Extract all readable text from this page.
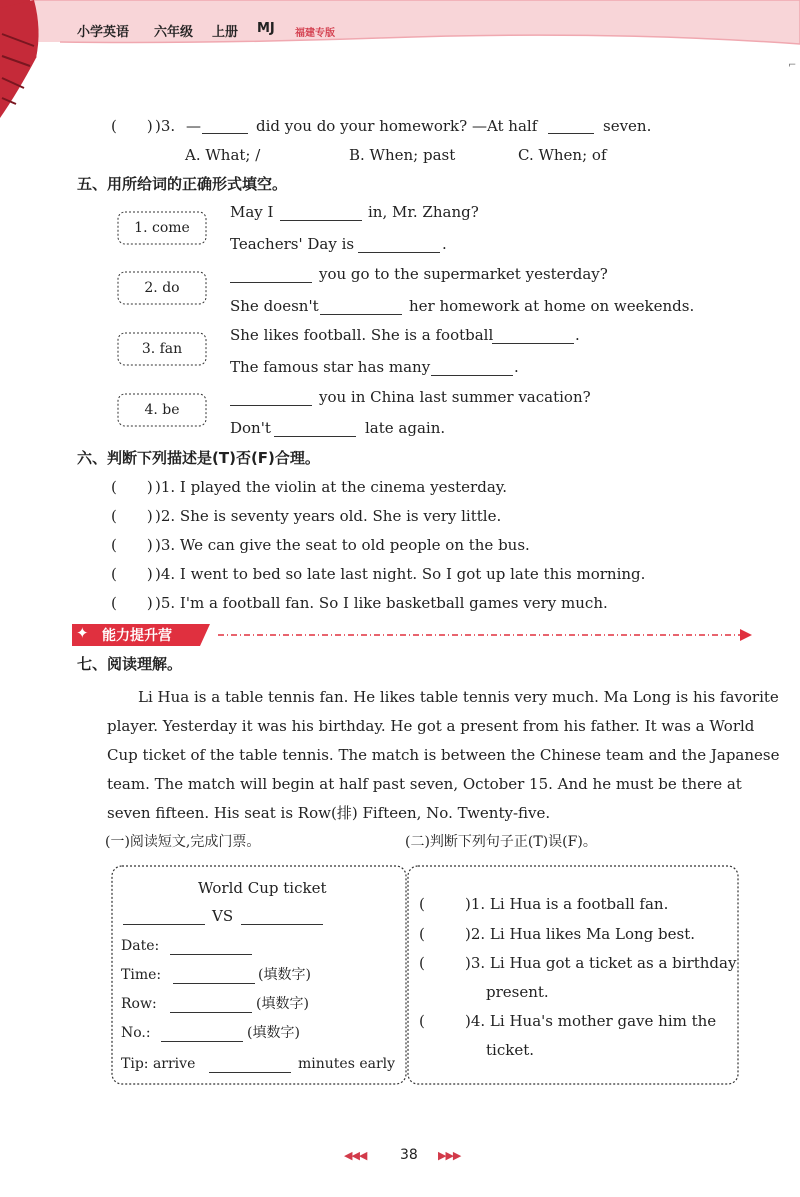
小学英语 六年级 上册 MJ 福建专版
⌐
(　　) )3. —	did you do your homework? —At half	seven.
A. What; /	B. When; past	C. When; of
五、用所给词的正确形式填空。
1. come
May I	in, Mr. Zhang?
Teachers' Day is	.
2. do
you go to the supermarket yesterday?
She doesn't	her homework at home on weekends.
3. fan
She likes football. She is a football	.
The famous star has many	.
4. be
you in China last summer vacation?
Don't	late again.
六、判断下列描述是(T)否(F)合理。
(　　) )1. I played the violin at the cinema yesterday.
(　　) )2. She is seventy years old. She is very little.
(　　) )3. We can give the seat to old people on the bus.
(　　) )4. I went to bed so late last night. So I got up late this morning.
(　　) )5. I'm a football fan. So I like basketball games very much.
✦ 能力提升营
七、阅读理解。
Li Hua is a table tennis fan. He likes table tennis very much. Ma Long is his favorite
player. Yesterday it was his birthday. He got a present from his father. It was a World
Cup ticket of the table tennis. The match is between the Chinese team and the Japanese
team. The match will begin at half past seven, October 15. And he must be there at
seven fifteen. His seat is Row(排) Fifteen, No. Twenty-five.
(一)阅读短文,完成门票。	(二)判断下列句子正(T)误(F)。
World Cup ticket
VS
Date:
Time:	(填数字)
Row:	(填数字)
No.:	(填数字)
Tip: arrive	minutes early
(	)1. Li Hua is a football fan.
(	)2. Li Hua likes Ma Long best.
(	)3. Li Hua got a ticket as a birthday
present.
(	)4. Li Hua's mother gave him the
ticket.
◀◀◀ 38 ▶▶▶
